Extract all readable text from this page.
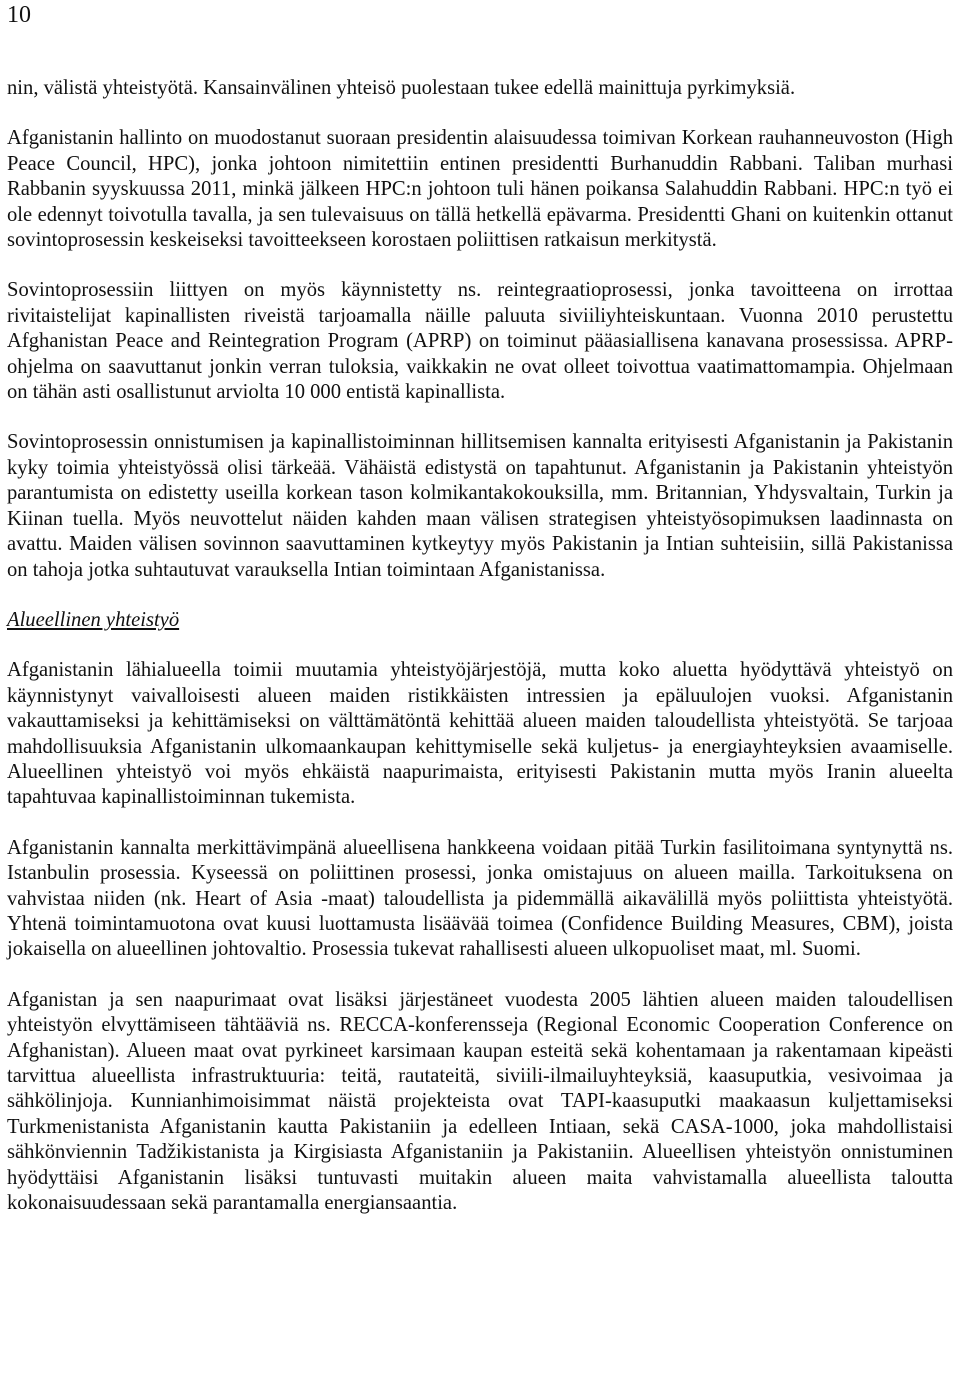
10

nin, välistä yhteistyötä. Kansainvälinen yhteisö puolestaan tukee edellä mainittuja pyrkimyksiä.

Afganistanin hallinto on muodostanut suoraan presidentin alaisuudessa toimivan Korkean rauhanneuvoston (High Peace Council, HPC), jonka johtoon nimitettiin entinen presidentti Burhanuddin Rabbani. Taliban murhasi Rabbanin syyskuussa 2011, minkä jälkeen HPC:n johtoon tuli hänen poikansa Salahuddin Rabbani. HPC:n työ ei ole edennyt toivotulla tavalla, ja sen tulevaisuus on tällä hetkellä epävarma. Presidentti Ghani on kuitenkin ottanut sovintoprosessin keskeiseksi tavoitteekseen korostaen poliittisen ratkaisun merkitystä.

Sovintoprosessiin liittyen on myös käynnistetty ns. reintegraatioprosessi, jonka tavoitteena on irrottaa rivitaistelijat kapinallisten riveistä tarjoamalla näille paluuta siviiliyhteiskuntaan. Vuonna 2010 perustettu Afghanistan Peace and Reintegration Program (APRP) on toiminut pääasiallisena kanavana prosessissa. APRP-ohjelma on saavuttanut jonkin verran tuloksia, vaikkakin ne ovat olleet toivottua vaatimattomampia. Ohjelmaan on tähän asti osallistunut arviolta 10 000 entistä kapinallista.

Sovintoprosessin onnistumisen ja kapinallistoiminnan hillitsemisen kannalta erityisesti Afganistanin ja Pakistanin kyky toimia yhteistyössä olisi tärkeää. Vähäistä edistystä on tapahtunut. Afganistanin ja Pakistanin yhteistyön parantumista on edistetty useilla korkean tason kolmikantakokouksilla, mm. Britannian, Yhdysvaltain, Turkin ja Kiinan tuella. Myös neuvottelut näiden kahden maan välisen strategisen yhteistyösopimuksen laadinnasta on avattu. Maiden välisen sovinnon saavuttaminen kytkeytyy myös Pakistanin ja Intian suhteisiin, sillä Pakistanissa on tahoja jotka suhtautuvat varauksella Intian toimintaan Afganistanissa.

Alueellinen yhteistyö

Afganistanin lähialueella toimii muutamia yhteistyöjärjestöjä, mutta koko aluetta hyödyttävä yhteistyö on käynnistynyt vaivalloisesti alueen maiden ristikkäisten intressien ja epäluulojen vuoksi. Afganistanin vakauttamiseksi ja kehittämiseksi on välttämätöntä kehittää alueen maiden taloudellista yhteistyötä. Se tarjoaa mahdollisuuksia Afganistanin ulkomaankaupan kehittymiselle sekä kuljetus- ja energiayhteyksien avaamiselle. Alueellinen yhteistyö voi myös ehkäistä naapurimaista, erityisesti Pakistanin mutta myös Iranin alueelta tapahtuvaa kapinallistoiminnan tukemista.

Afganistanin kannalta merkittävimpänä alueellisena hankkeena voidaan pitää Turkin fasilitoimana syntynyttä ns. Istanbulin prosessia. Kyseessä on poliittinen prosessi, jonka omistajuus on alueen mailla. Tarkoituksena on vahvistaa niiden (nk. Heart of Asia -maat) taloudellista ja pidemmällä aikavälillä myös poliittista yhteistyötä. Yhtenä toimintamuotona ovat kuusi luottamusta lisäävää toimea (Confidence Building Measures, CBM), joista jokaisella on alueellinen johtovaltio. Prosessia tukevat rahallisesti alueen ulkopuoliset maat, ml. Suomi.

Afganistan ja sen naapurimaat ovat lisäksi järjestäneet vuodesta 2005 lähtien alueen maiden taloudellisen yhteistyön elvyttämiseen tähtääviä ns. RECCA-konferensseja (Regional Economic Cooperation Conference on Afghanistan). Alueen maat ovat pyrkineet karsimaan kaupan esteitä sekä kohentamaan ja rakentamaan kipeästi tarvittua alueellista infrastruktuuria: teitä, rautateitä, siviili-ilmailuyhteyksiä, kaasuputkia, vesivoimaa ja sähkölinjoja. Kunnianhimoisimmat näistä projekteista ovat TAPI-kaasuputki maakaasun kuljettamiseksi Turkmenistanista Afganistanin kautta Pakistaniin ja edelleen Intiaan, sekä CASA-1000, joka mahdollistaisi sähkönviennin Tadžikistanista ja Kirgisiasta Afganistaniin ja Pakistaniin. Alueellisen yhteistyön onnistuminen hyödyttäisi Afganistanin lisäksi tuntuvasti muitakin alueen maita vahvistamalla alueellista taloutta kokonaisuudessaan sekä parantamalla energiansaantia.
